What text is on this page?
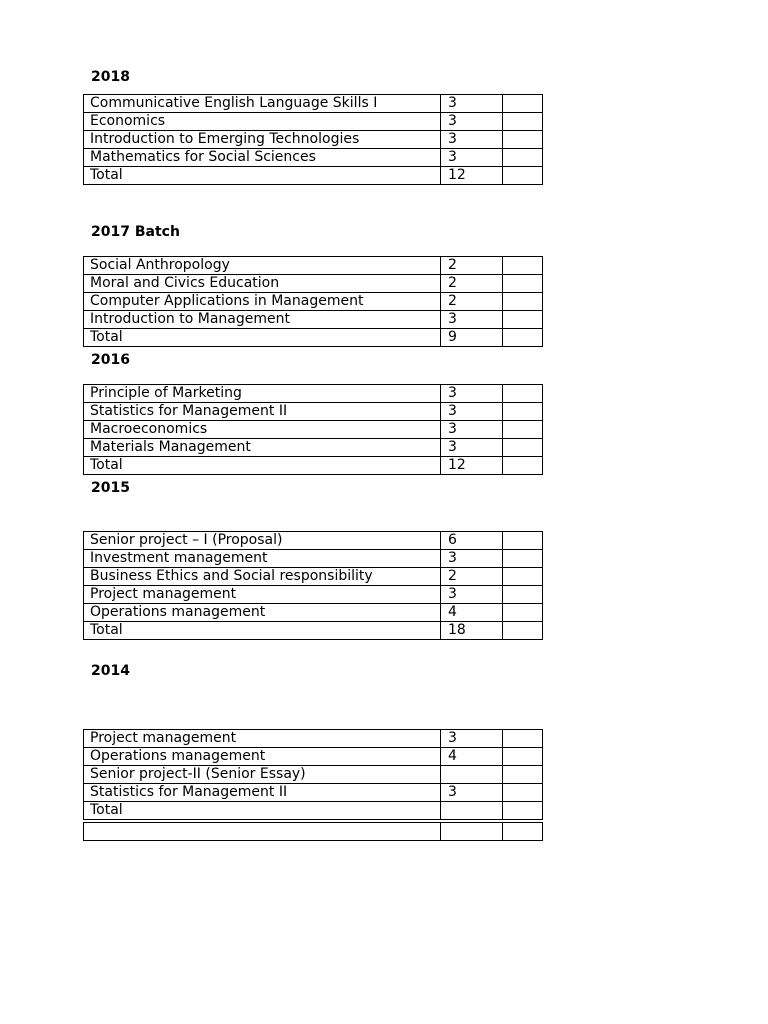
2018
Communicative English Language Skills I	3	
Economics	3	
Introduction to Emerging Technologies	3	
Mathematics for Social Sciences	3	
Total	12	
2017 Batch
Social Anthropology	2	
Moral and Civics Education	2	
Computer Applications in Management	2	
Introduction to Management	3	
Total	9	
2016
Principle of Marketing	3	
Statistics for Management II	3	
Macroeconomics	3	
Materials Management	3	
Total	12	
2015
Senior project – I (Proposal)	6	
Investment management	3	
Business Ethics and Social responsibility	2	
Project management	3	
Operations management	4	
Total	18	
2014
Project management	3	
Operations management	4	
Senior project-II (Senior Essay)		
Statistics for Management II	3	
Total		
